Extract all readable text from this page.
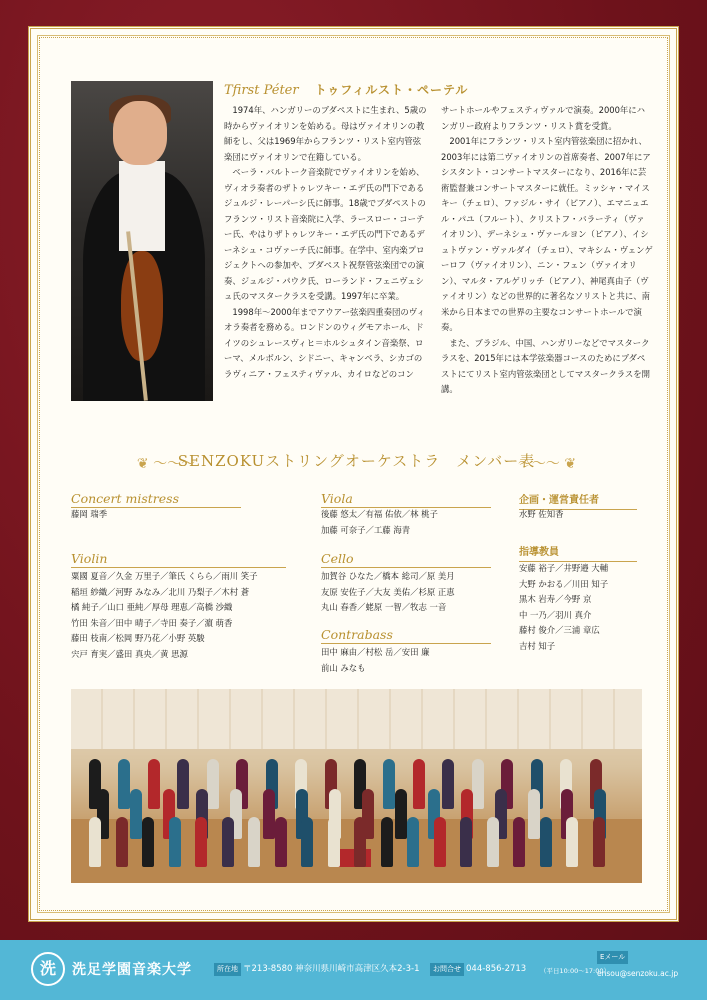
Tfirst Péter トゥフィルスト・ペーテル

1974年、ハンガリーのブダペストに生まれ、5歳の時からヴァイオリンを始める。母はヴァイオリンの教師をし、父は1969年からフランツ・リスト室内管弦楽団にヴァイオリンで在籍している。

ベーラ・バルトーク音楽院でヴァイオリンを始め、ヴィオラ奏者のザトゥレツキー・エデ氏の門下であるジュルジ・レーパーシ氏に師事。18歳でブダペストのフランツ・リスト音楽院に入学、ラースロー・コーテー氏、やはりザトゥレツキー・エデ氏の門下であるデーネシュ・コヴァーチ氏に師事。在学中、室内楽プロジェクトへの参加や、ブダペスト祝祭管弦楽団での演奏、ジュルジ・パウク氏、ローランド・フェニヴェシュ氏のマスタークラスを受講。1997年に卒業。

1998年～2000年までアウアー弦楽四重奏団のヴィオラ奏者を務める。ロンドンのウィグモアホール、ドイツのシュレースヴィヒ＝ホルシュタイン音楽祭、ローマ、メルボルン、シドニー、キャンベラ、シカゴのラヴィニア・フェスティヴァル、カイロなどのコン

サートホールやフェスティヴァルで演奏。2000年にハンガリー政府よりフランツ・リスト賞を受賞。

2001年にフランツ・リスト室内管弦楽団に招かれ、2003年には第二ヴァイオリンの首席奏者、2007年にアシスタント・コンサートマスターになり、2016年に芸術監督兼コンサートマスターに就任。ミッシャ・マイスキー（チェロ）、ファジル・サイ（ピアノ）、エマニュエル・パユ（フルート）、クリストフ・バラーティ（ヴァイオリン）、デーネシュ・ヴァールヨン（ピアノ）、イシュトヴァン・ヴァルダイ（チェロ）、マキシム・ヴェンゲーロフ（ヴァイオリン）、ニン・フェン（ヴァイオリン）、マルタ・アルゲリッチ（ピアノ）、神尾真由子（ヴァイオリン）などの世界的に著名なソリストと共に、南米から日本までの世界の主要なコンサートホールで演奏。

また、ブラジル、中国、ハンガリーなどでマスタークラスを、2015年には本学弦楽器コースのためにブダペストにてリスト室内管弦楽団としてマスタークラスを開講。

❦ ～～～
SENZOKUストリングオーケストラ　メンバー表
～～～ ❦
Concert mistress
藤岡 瑞季
Violin
粟國 夏音／久金 万里子／筆氏 くらら／雨川 笑子
稲垣 紗織／河野 みなみ／北川 乃梨子／木村 蒼
橘 純子／山口 亜純／厚母 理恵／高橋 沙織
竹田 朱音／田中 晴子／寺田 奏子／濵 萌香
藤田 枝南／松岡 野乃花／小野 英駿
宍戸 育実／盛田 真央／黄 思源
Viola
後藤 悠太／有福 佑依／林 桃子
加藤 可奈子／工藤 海青
Cello
加賀谷 ひなた／橋本 総司／原 美月
友原 安佐子／大友 美佑／杉原 正恵
丸山 春香／蛯原 一智／牧志 一音
Contrabass
田中 麻由／村松 岳／安田 廉
前山 みなも
企画・運営責任者
水野 佐知香
指導教員
安藤 裕子／井野邉 大輔
大野 かおる／川田 知子
黒木 岩寿／今野 京
中 一乃／羽川 真介
藤村 俊介／三浦 章広
吉村 知子
洗	洗足学園音楽大学	所在地 〒213-8580 神奈川県川崎市高津区久本2-3-1	お問合せ 044-856-2713 （平日10:00〜17:00）
Eメール
ensou@senzoku.ac.jp
